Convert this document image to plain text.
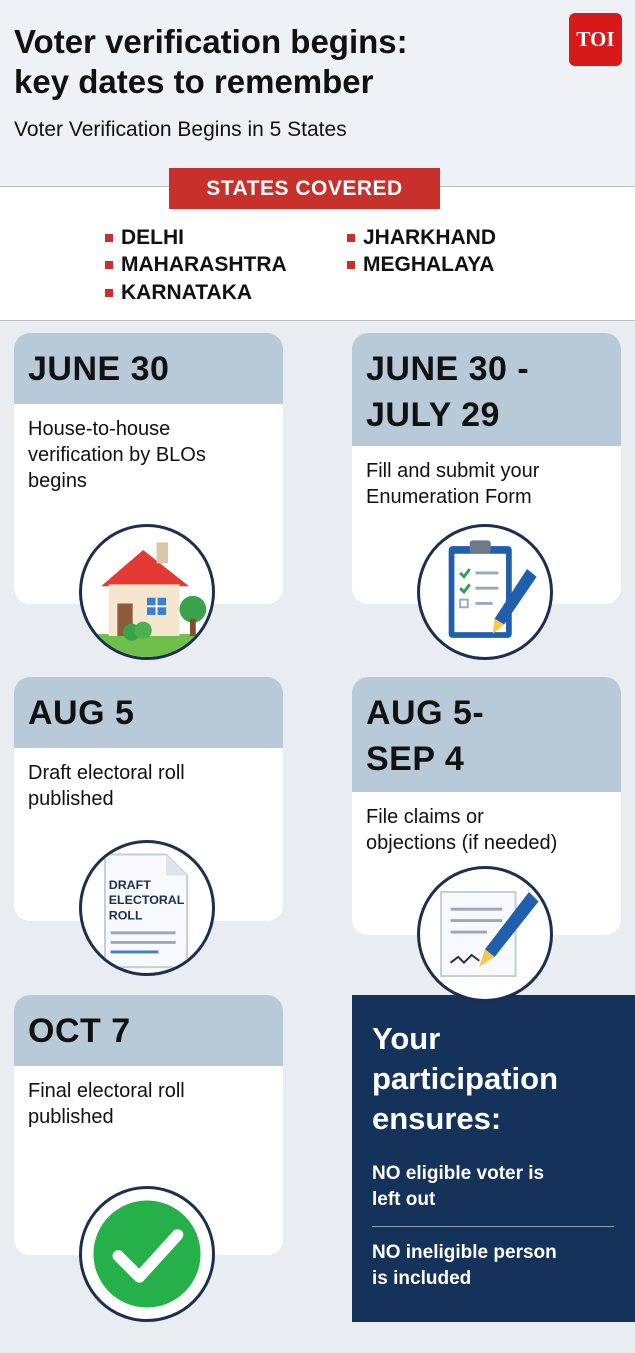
Voter verification begins:
key dates to remember
Voter Verification Begins in 5 States
TOI
STATES COVERED
DELHI	JHARKHAND
MAHARASHTRA	MEGHALAYA
KARNATAKA
JUNE 30
House-to-house
verification by BLOs
begins
JUNE 30 -
JULY 29
Fill and submit your
Enumeration Form
AUG 5
Draft electoral roll
published
DRAFT
ELECTORAL
ROLL
AUG 5-
SEP 4
File claims or
objections (if needed)
OCT 7
Final electoral roll
published
Your
participation
ensures:
NO eligible voter is
left out
NO ineligible person
is included
